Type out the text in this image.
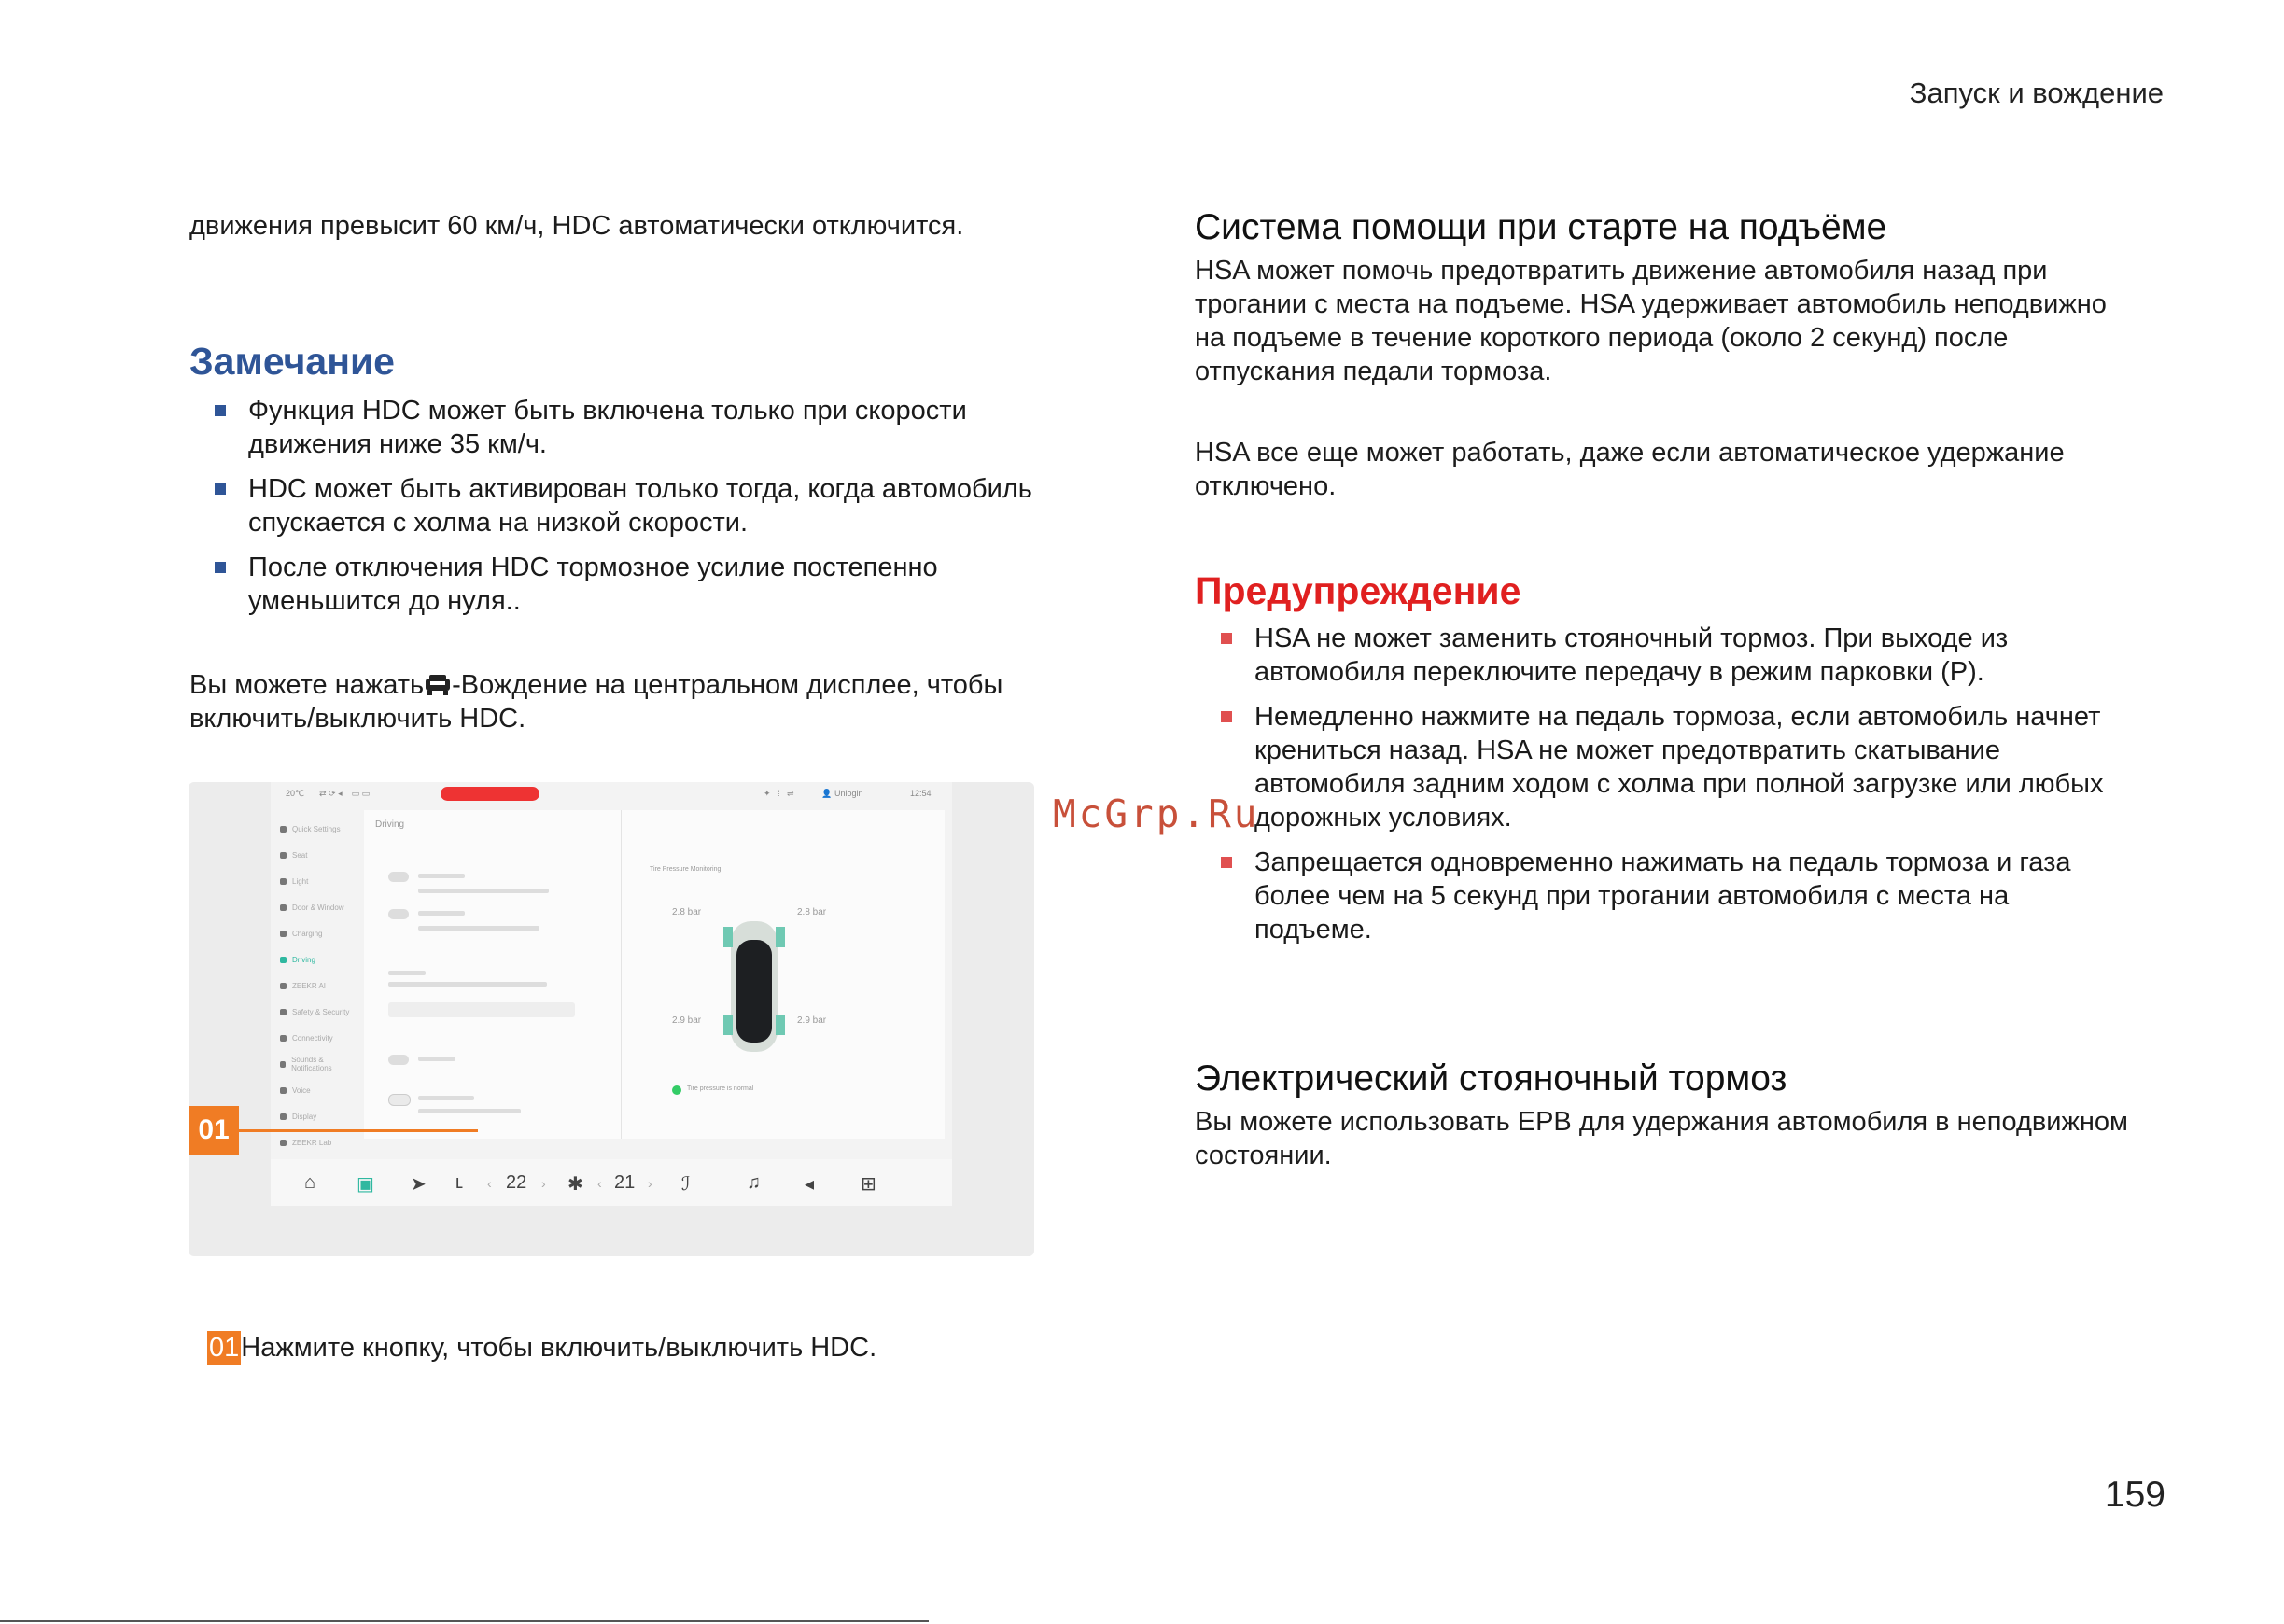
Запуск и вождение
движения превысит 60 км/ч, HDC автоматически отключится.
Замечание
Функция HDC может быть включена только при скорости движения ниже 35 км/ч.
HDC может быть активирован только тогда, когда автомобиль спускается с холма на низкой скорости.
После отключения HDC тормозное усилие постепенно уменьшится до нуля..
Вы можете нажать -Вождение на центральном дисплее, чтобы включить/выключить HDC.
20℃ ⇄ ⟳ ◂    ▭ ▭	✦   ⁞   ⇌	👤 Unlogin	12:54
Quick Settings
Seat
Light
Door & Window
Charging
Driving
ZEEKR AI
Safety & Security
Connectivity
Sounds & Notifications
Voice
Display
ZEEKR Lab
Driving
Tire Pressure Monitoring
2.8 bar	2.8 bar
2.9 bar	2.9 bar
Tire pressure is normal
⌂ ▣ ➤ ʟ ‹ 22 › ✱ ‹ 21 › ℐ	♫ ◂ ⊞
01
01Нажмите кнопку, чтобы включить/выключить HDC.
Система помощи при старте на подъёме
HSA может помочь предотвратить движение автомобиля назад при трогании с места на подъеме. HSA удерживает автомобиль неподвижно на подъеме в течение короткого периода (около 2 секунд) после отпускания педали тормоза.
HSA все еще может работать, даже если автоматическое удержание отключено.
Предупреждение
HSA не может заменить стояночный тормоз. При выходе из автомобиля переключите передачу в режим парковки (P).
Немедленно нажмите на педаль тормоза, если автомобиль начнет крениться назад. HSA не может предотвратить скатывание автомобиля задним ходом с холма при полной загрузке или любых дорожных условиях.
Запрещается одновременно нажимать на педаль тормоза и газа более чем на 5 секунд при трогании автомобиля с места на подъеме.
Электрический стояночный тормоз
Вы можете использовать EPB для удержания автомобиля в неподвижном состоянии.
McGrp.Ru
159
